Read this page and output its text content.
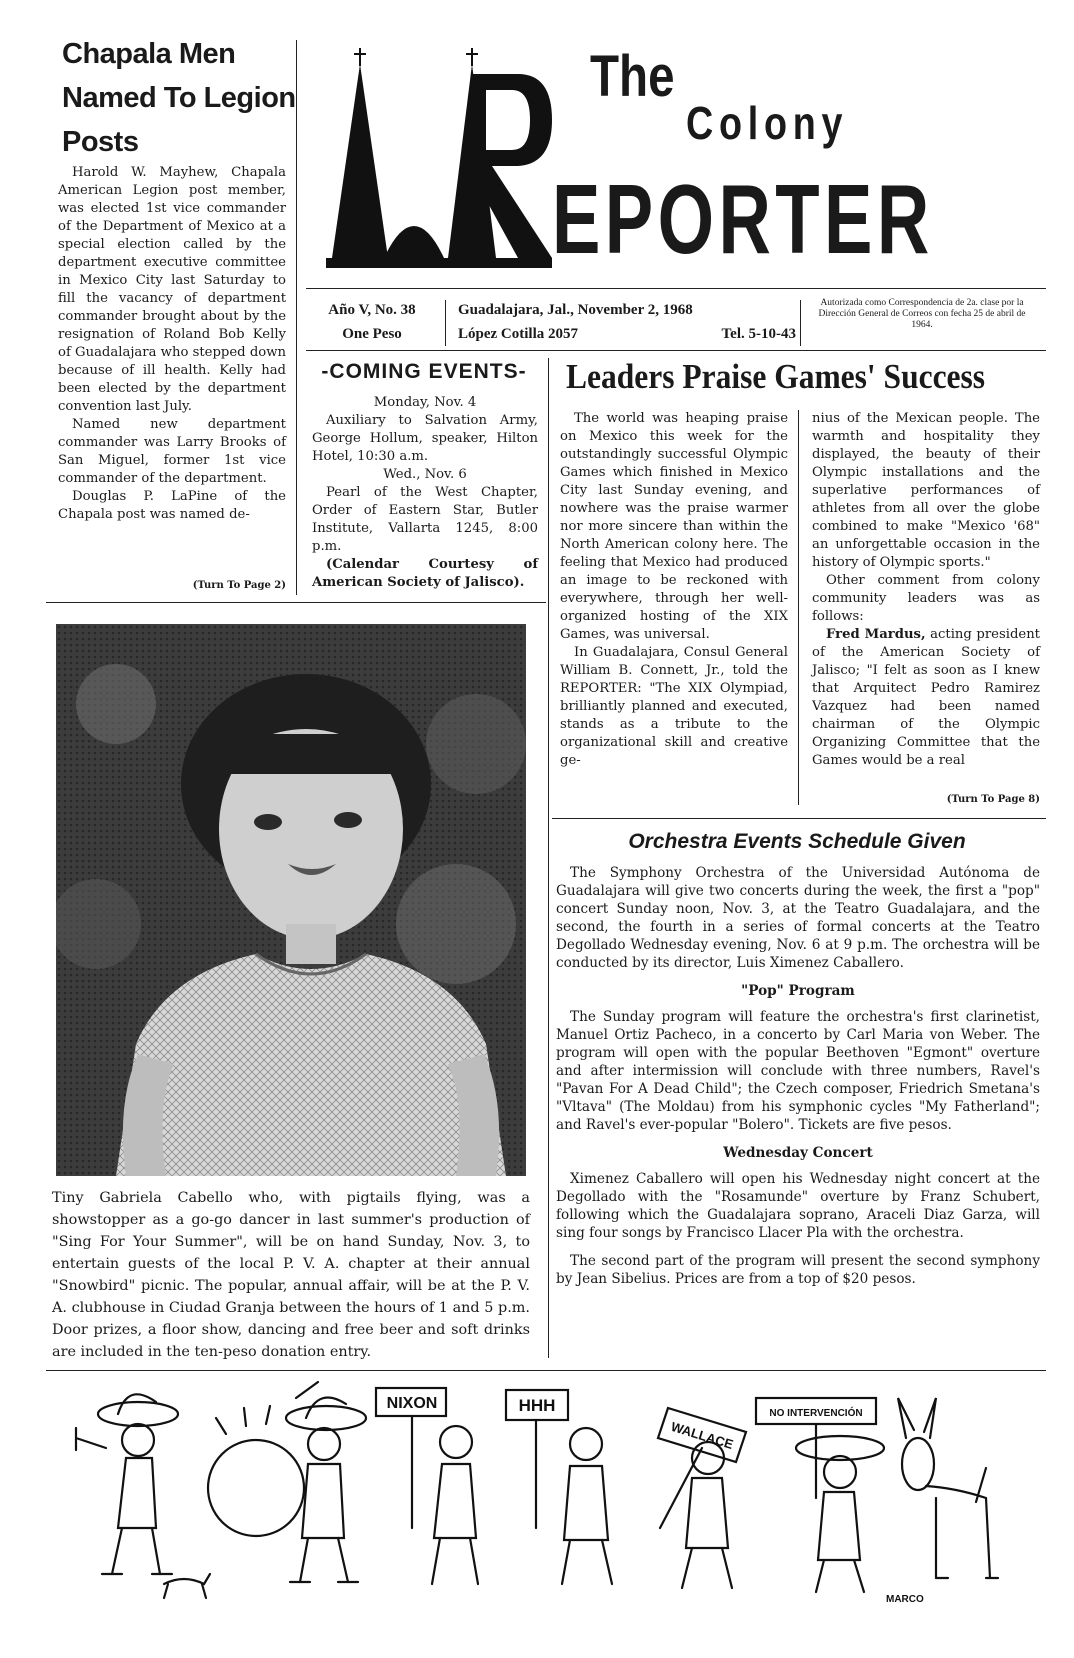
Chapala Men Named To Legion Posts

Harold W. Mayhew, Chapala American Legion post member, was elected 1st vice commander of the Department of Mexico at a special election called by the department executive committee in Mexico City last Saturday to fill the vacancy of department commander brought about by the resignation of Roland Bob Kelly of Guadalajara who stepped down because of ill health. Kelly had been elected by the department convention last July.

Named new department commander was Larry Brooks of San Miguel, former 1st vice commander of the department.

Douglas P. LaPine of the Chapala post was named de-

(Turn To Page 2)
The
Colony
EPORTER
Año V, No. 38
One Peso
Guadalajara, Jal., November 2, 1968
López Cotilla 2057	Tel. 5-10-43
Autorizada como Correspondencia de 2a. clase por la Dirección General de Correos con fecha 25 de abril de 1964.
-COMING EVENTS-
Monday, Nov. 4
Auxiliary to Salvation Army, George Hollum, speaker, Hilton Hotel, 10:30 a.m.
Wed., Nov. 6
Pearl of the West Chapter, Order of Eastern Star, Butler Institute, Vallarta 1245, 8:00 p.m.
(Calendar Courtesy of American Society of Jalisco).
Leaders Praise Games' Success

The world was heaping praise on Mexico this week for the outstandingly successful Olympic Games which finished in Mexico City last Sunday evening, and nowhere was the praise warmer nor more sincere than within the North American colony here. The feeling that Mexico had produced an image to be reckoned with everywhere, through her well-organized hosting of the XIX Games, was universal.

In Guadalajara, Consul General William B. Connett, Jr., told the REPORTER: "The XIX Olympiad, brilliantly planned and executed, stands as a tribute to the organizational skill and creative ge-

nius of the Mexican people. The warmth and hospitality they displayed, the beauty of their Olympic installations and the superlative performances of athletes from all over the globe combined to make "Mexico '68" an unforgettable occasion in the history of Olympic sports."

Other comment from colony community leaders was as follows:

Fred Mardus, acting president of the American Society of Jalisco; "I felt as soon as I knew that Arquitect Pedro Ramirez Vazquez had been named chairman of the Olympic Organizing Committee that the Games would be a real

(Turn To Page 8)
Tiny Gabriela Cabello who, with pigtails flying, was a showstopper as a go-go dancer in last summer's production of "Sing For Your Summer", will be on hand Sunday, Nov. 3, to entertain guests of the local P. V. A. chapter at their annual "Snowbird" picnic. The popular, annual affair, will be at the P. V. A. clubhouse in Ciudad Granja between the hours of 1 and 5 p.m. Door prizes, a floor show, dancing and free beer and soft drinks are included in the ten-peso donation entry.
Orchestra Events Schedule Given

The Symphony Orchestra of the Universidad Autónoma de Guadalajara will give two concerts during the week, the first a "pop" concert Sunday noon, Nov. 3, at the Teatro Guadalajara, and the second, the fourth in a series of formal concerts at the Teatro Degollado Wednesday evening, Nov. 6 at 9 p.m. The orchestra will be conducted by its director, Luis Ximenez Caballero.

"Pop" Program

The Sunday program will feature the orchestra's first clarinetist, Manuel Ortiz Pacheco, in a concerto by Carl Maria von Weber. The program will open with the popular Beethoven "Egmont" overture and after intermission will conclude with three numbers, Ravel's "Pavan For A Dead Child"; the Czech composer, Friedrich Smetana's "Vltava" (The Moldau) from his symphonic cycles "My Fatherland"; and Ravel's ever-popular "Bolero". Tickets are five pesos.

Wednesday Concert

Ximenez Caballero will open his Wednesday night concert at the Degollado with the "Rosamunde" overture by Franz Schubert, following which the Guadalajara soprano, Araceli Diaz Garza, will sing four songs by Francisco Llacer Pla with the orchestra.

The second part of the program will present the second symphony by Jean Sibelius. Prices are from a top of $20 pesos.

NIXON	HHH
WALLACE
NO INTERVENCIÓN
MARCO
